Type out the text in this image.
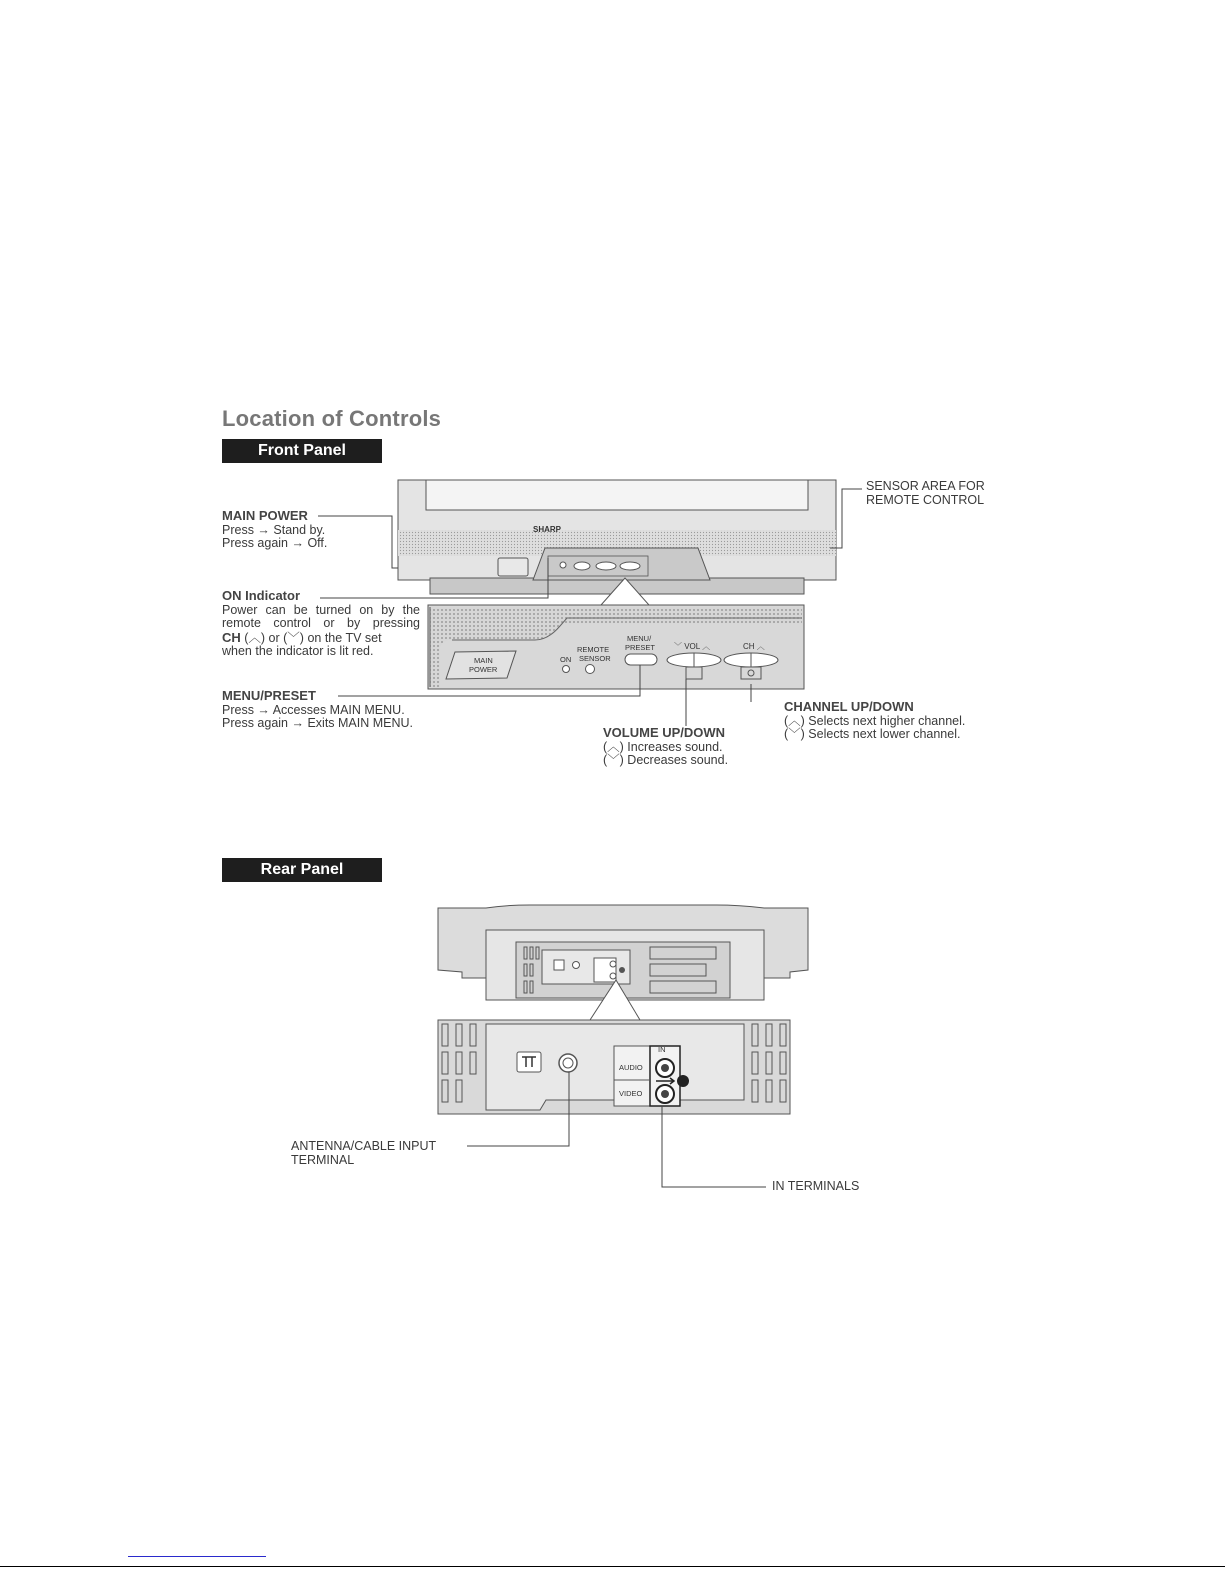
Location of Controls
Front Panel
Rear Panel
SHARP
MAIN
POWER
ON
REMOTE
SENSOR
MENU/
PRESET ﹀ VOL ︿	CH ︿
MAIN POWER
Press → Stand by.
Press again → Off.
ON Indicator
Power can be turned on by the
remote control or by pressing
CH (︿) or (﹀) on the TV set
when the indicator is lit red.
MENU/PRESET
Press → Accesses MAIN MENU.
Press again → Exits MAIN MENU.
SENSOR AREA FOR
REMOTE CONTROL
VOLUME UP/DOWN
(︿) Increases sound.
(﹀) Decreases sound.
CHANNEL UP/DOWN
(︿) Selects next higher channel.
(﹀) Selects next lower channel.
IN
AUDIO
VIDEO
ANTENNA/CABLE INPUT
TERMINAL
IN TERMINALS
